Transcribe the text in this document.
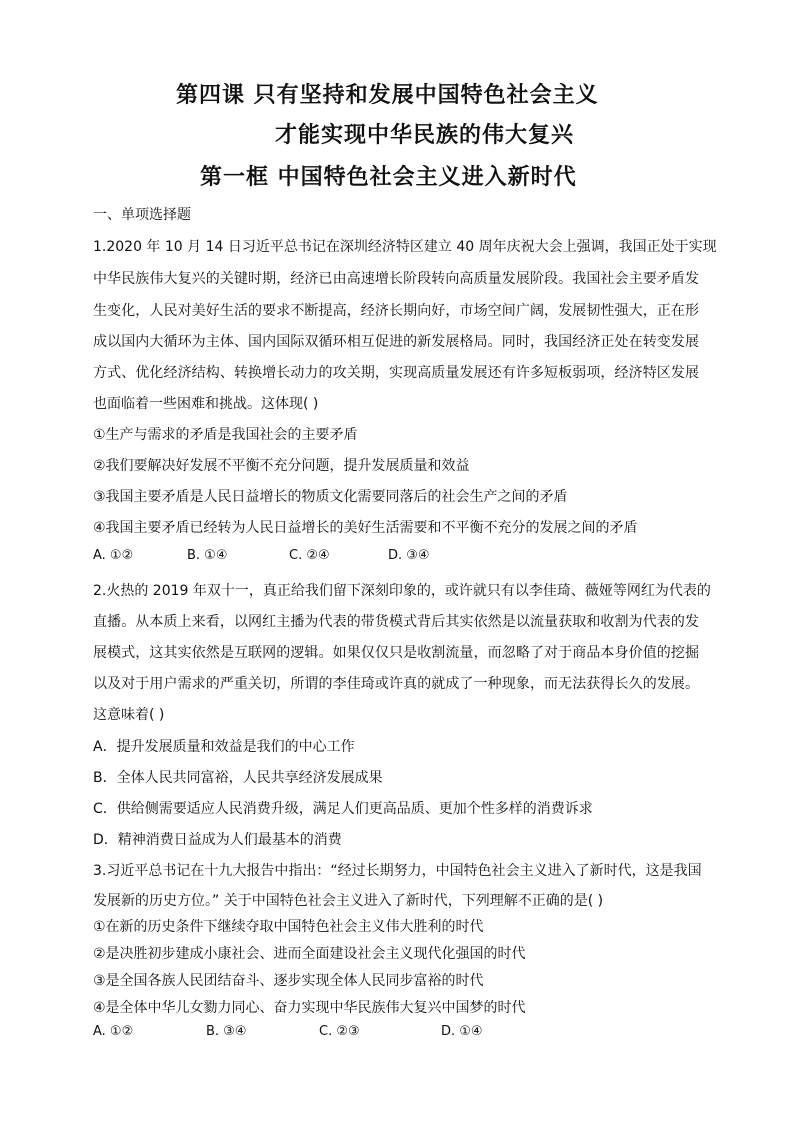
第四课 只有坚持和发展中国特色社会主义
才能实现中华民族的伟大复兴
第一框 中国特色社会主义进入新时代
一、单项选择题
1.2020 年 10 月 14 日习近平总书记在深圳经济特区建立 40 周年庆祝大会上强调，我国正处于实现
中华民族伟大复兴的关键时期，经济已由高速增长阶段转向高质量发展阶段。我国社会主要矛盾发
生变化，人民对美好生活的要求不断提高，经济长期向好，市场空间广阔，发展韧性强大，正在形
成以国内大循环为主体、国内国际双循环相互促进的新发展格局。同时，我国经济正处在转变发展
方式、优化经济结构、转换增长动力的攻关期，实现高质量发展还有许多短板弱项，经济特区发展
也面临着一些困难和挑战。这体现( )
①生产与需求的矛盾是我国社会的主要矛盾
②我们要解决好发展不平衡不充分问题，提升发展质量和效益
③我国主要矛盾是人民日益增长的物质文化需要同落后的社会生产之间的矛盾
④我国主要矛盾已经转为人民日益增长的美好生活需要和不平衡不充分的发展之间的矛盾
A. ①②	B. ①④	C. ②④	D. ③④
2.火热的 2019 年双十一，真正给我们留下深刻印象的，或许就只有以李佳琦、薇娅等网红为代表的
直播。从本质上来看，以网红主播为代表的带货模式背后其实依然是以流量获取和收割为代表的发
展模式，这其实依然是互联网的逻辑。如果仅仅只是收割流量，而忽略了对于商品本身价值的挖掘
以及对于用户需求的严重关切，所谓的李佳琦或许真的就成了一种现象，而无法获得长久的发展。
这意味着( )
A．提升发展质量和效益是我们的中心工作
B．全体人民共同富裕，人民共享经济发展成果
C．供给侧需要适应人民消费升级，满足人们更高品质、更加个性多样的消费诉求
D．精神消费日益成为人们最基本的消费
3.习近平总书记在十九大报告中指出：“经过长期努力，中国特色社会主义进入了新时代，这是我国
发展新的历史方位。” 关于中国特色社会主义进入了新时代，下列理解不正确的是( )
①在新的历史条件下继续夺取中国特色社会主义伟大胜利的时代
②是决胜初步建成小康社会、进而全面建设社会主义现代化强国的时代
③是全国各族人民团结奋斗、逐步实现全体人民同步富裕的时代
④是全体中华儿女勠力同心、奋力实现中华民族伟大复兴中国梦的时代
A. ①②	B. ③④	C. ②③	D. ①④
